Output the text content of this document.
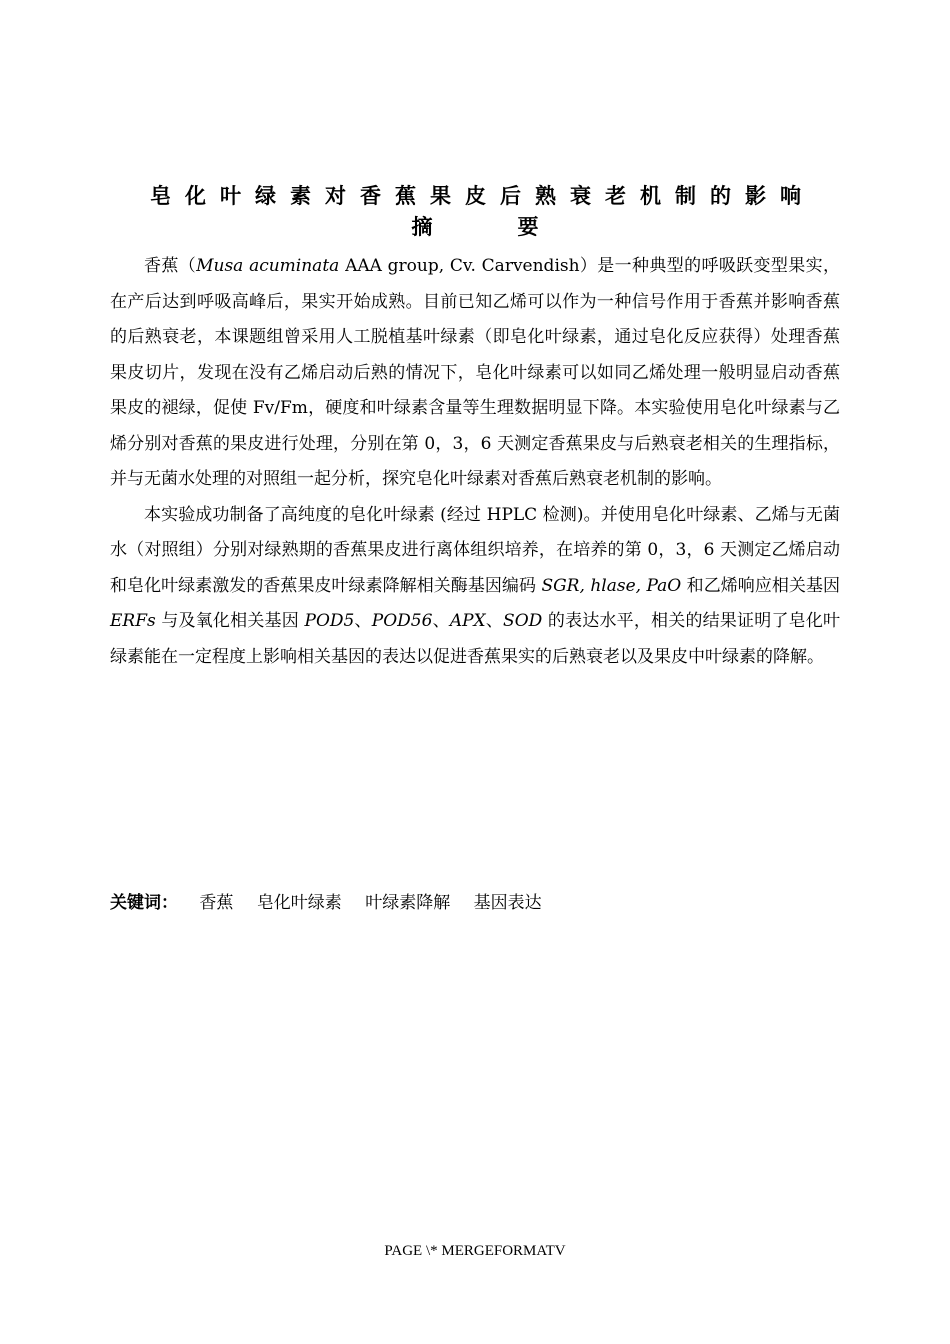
皂化叶绿素对香蕉果皮后熟衰老机制的影响
摘要

香蕉（Musa acuminata AAA group, Cv. Carvendish）是一种典型的呼吸跃变型果实，在产后达到呼吸高峰后，果实开始成熟。目前已知乙烯可以作为一种信号作用于香蕉并影响香蕉的后熟衰老，本课题组曾采用人工脱植基叶绿素（即皂化叶绿素，通过皂化反应获得）处理香蕉果皮切片，发现在没有乙烯启动后熟的情况下，皂化叶绿素可以如同乙烯处理一般明显启动香蕉果皮的褪绿，促使 Fv/Fm，硬度和叶绿素含量等生理数据明显下降。本实验使用皂化叶绿素与乙烯分别对香蕉的果皮进行处理，分别在第 0，3，6 天测定香蕉果皮与后熟衰老相关的生理指标，并与无菌水处理的对照组一起分析，探究皂化叶绿素对香蕉后熟衰老机制的影响。

本实验成功制备了高纯度的皂化叶绿素 (经过 HPLC 检测)。并使用皂化叶绿素、乙烯与无菌水（对照组）分别对绿熟期的香蕉果皮进行离体组织培养，在培养的第 0，3，6 天测定乙烯启动和皂化叶绿素激发的香蕉果皮叶绿素降解相关酶基因编码 SGR, hlase, PaO 和乙烯响应相关基因 ERFs 与及氧化相关基因 POD5、POD56、APX、SOD 的表达水平，相关的结果证明了皂化叶绿素能在一定程度上影响相关基因的表达以促进香蕉果实的后熟衰老以及果皮中叶绿素的降解。

关键词： 香蕉 皂化叶绿素 叶绿素降解 基因表达
PAGE \* MERGEFORMATV
